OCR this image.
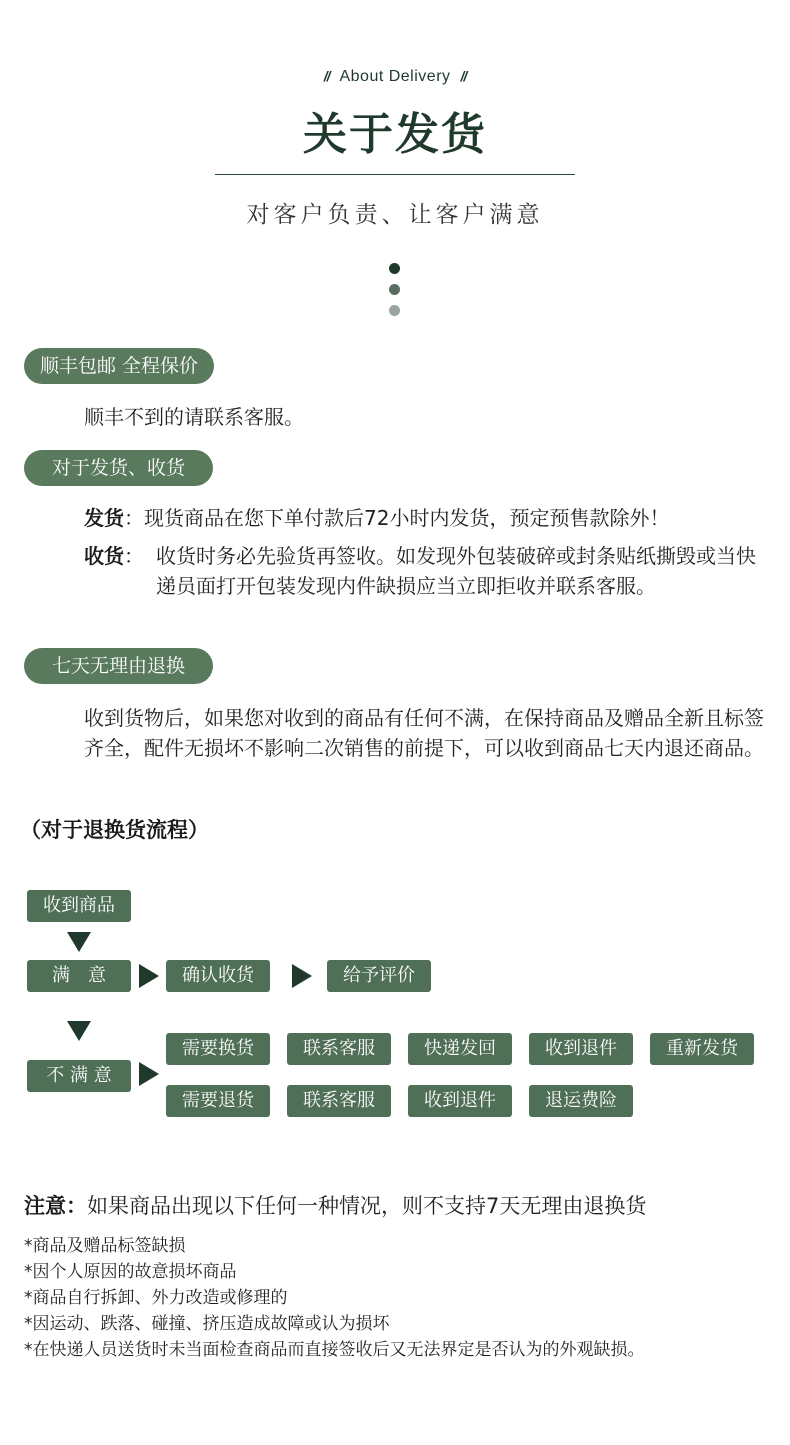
// About Delivery //
关于发货
对客户负责、让客户满意
顺丰包邮 全程保价
顺丰不到的请联系客服。
对于发货、收货
发货：现货商品在您下单付款后72小时内发货，预定预售款除外！
收货： 收货时务必先验货再签收。如发现外包装破碎或封条贴纸撕毁或当快递员面打开包装发现内件缺损应当立即拒收并联系客服。
七天无理由退换
收到货物后，如果您对收到的商品有任何不满，在保持商品及赠品全新且标签齐全，配件无损坏不影响二次销售的前提下，可以收到商品七天内退还商品。
（对于退换货流程）
收到商品
满　意	确认收货	给予评价
不 满 意
需要换货	联系客服	快递发回	收到退件	重新发货
需要退货	联系客服	收到退件	退运费险
注意：如果商品出现以下任何一种情况，则不支持7天无理由退换货
*商品及赠品标签缺损
*因个人原因的故意损坏商品
*商品自行拆卸、外力改造或修理的
*因运动、跌落、碰撞、挤压造成故障或认为损坏
*在快递人员送货时未当面检查商品而直接签收后又无法界定是否认为的外观缺损。
